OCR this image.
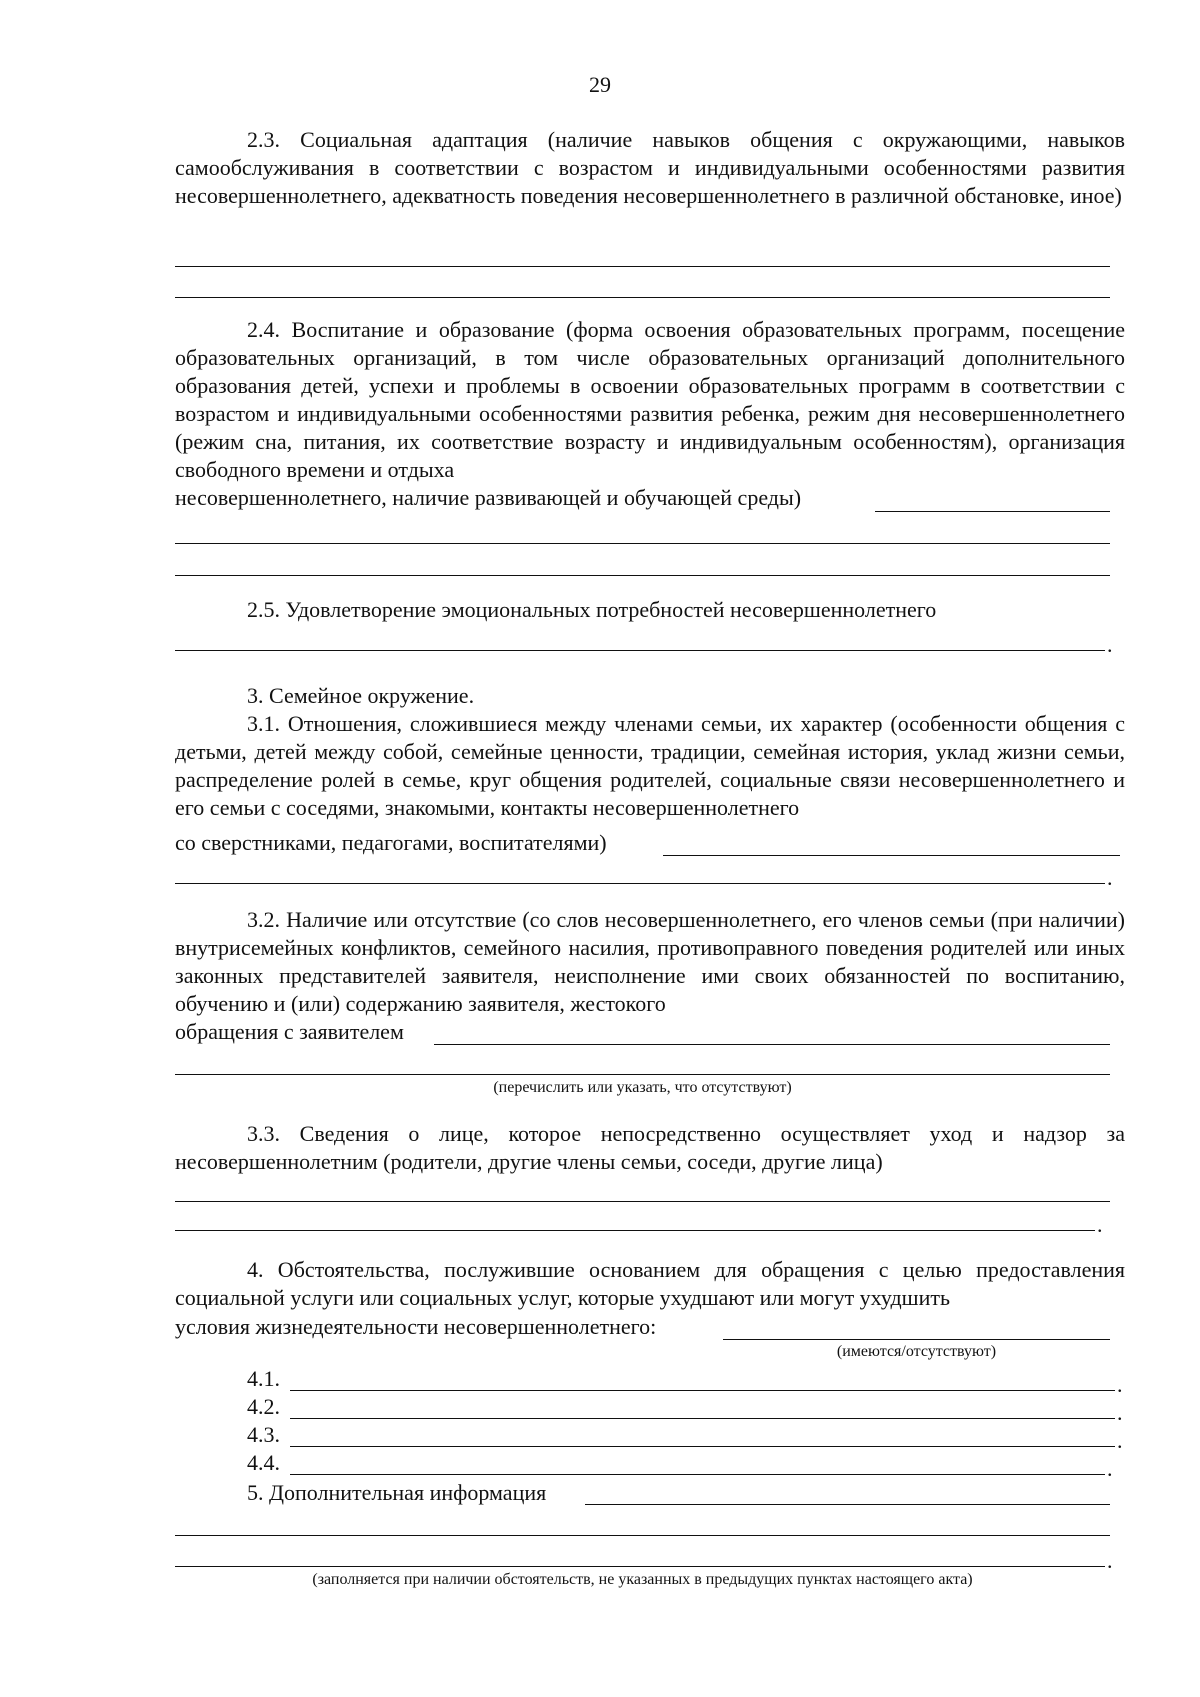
29
2.3. Социальная адаптация (наличие навыков общения с окружающими, навыков самообслуживания в соответствии с возрастом и индивидуальными особенностями развития несовершеннолетнего, адекватность поведения несовершеннолетнего в различной обстановке, иное)
2.4. Воспитание и образование (форма освоения образовательных программ, посещение образовательных организаций, в том числе образовательных организаций дополнительного образования детей, успехи и проблемы в освоении образовательных программ в соответствии с возрастом и индивидуальными особенностями развития ребенка, режим дня несовершеннолетнего (режим сна, питания, их соответствие возрасту и индивидуальным особенностям), организация свободного времени и отдыха
несовершеннолетнего, наличие развивающей и обучающей среды)
2.5. Удовлетворение эмоциональных потребностей несовершеннолетнего
.
3. Семейное окружение.
3.1. Отношения, сложившиеся между членами семьи, их характер (особенности общения с детьми, детей между собой, семейные ценности, традиции, семейная история, уклад жизни семьи, распределение ролей в семье, круг общения родителей, социальные связи несовершеннолетнего и его семьи с соседями, знакомыми, контакты несовершеннолетнего
со сверстниками, педагогами, воспитателями)
.
3.2. Наличие или отсутствие (со слов несовершеннолетнего, его членов семьи (при наличии) внутрисемейных конфликтов, семейного насилия, противоправного поведения родителей или иных законных представителей заявителя, неисполнение ими своих обязанностей по воспитанию, обучению и (или) содержанию заявителя, жестокого
обращения с заявителем
(перечислить или указать, что отсутствуют)
3.3. Сведения о лице, которое непосредственно осуществляет уход и надзор за несовершеннолетним (родители, другие члены семьи, соседи, другие лица)
.
4. Обстоятельства, послужившие основанием для обращения с целью предоставления социальной услуги или социальных услуг, которые ухудшают или могут ухудшить
условия жизнедеятельности несовершеннолетнего:
(имеются/отсутствуют)
4.1.	.
4.2.	.
4.3.	.
4.4.	.
5. Дополнительная информация
.
(заполняется при наличии обстоятельств, не указанных в предыдущих пунктах настоящего акта)
